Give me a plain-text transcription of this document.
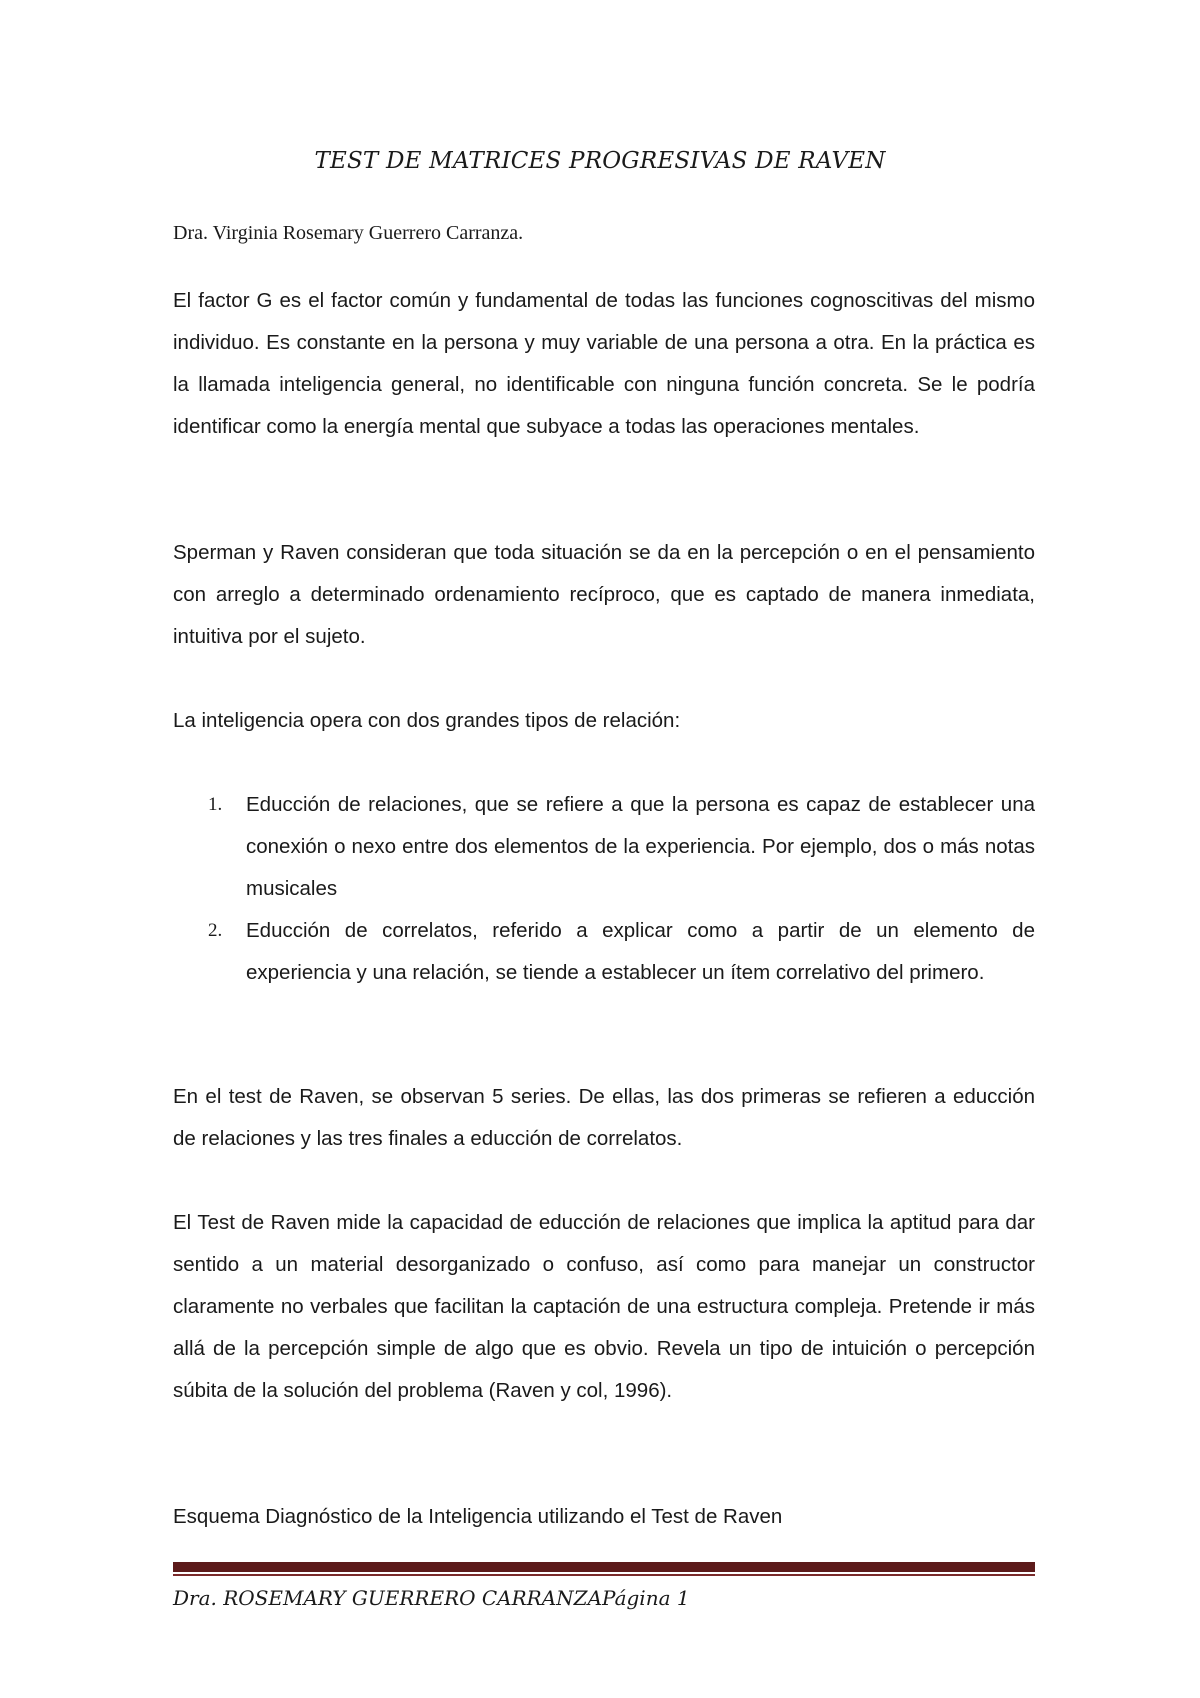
TEST DE MATRICES PROGRESIVAS DE RAVEN
Dra. Virginia Rosemary Guerrero Carranza.

El factor G es el factor común y fundamental de todas las funciones cognoscitivas del mismo individuo. Es constante en la persona y muy variable de una persona a otra. En la práctica es la llamada inteligencia general, no identificable con ninguna función concreta. Se le podría identificar como la energía mental que subyace a todas las operaciones mentales.

Sperman y Raven consideran que toda situación se da en la percepción o en el pensamiento con arreglo a determinado ordenamiento recíproco, que es captado de manera inmediata, intuitiva por el sujeto.

La inteligencia opera con dos grandes tipos de relación:

1. Educción de relaciones, que se refiere a que la persona es capaz de establecer una conexión o nexo entre dos elementos de la experiencia. Por ejemplo, dos o más notas musicales
2. Educción de correlatos, referido a explicar como a partir de un elemento de experiencia y una relación, se tiende a establecer un ítem correlativo del primero.

En el test de Raven, se observan 5 series. De ellas, las dos primeras se refieren a educción de relaciones y las tres finales a educción de correlatos.

El Test de Raven mide la capacidad de educción de relaciones que implica la aptitud para dar sentido a un material desorganizado o confuso, así como para manejar un constructor claramente no verbales que facilitan la captación de una estructura compleja. Pretende ir más allá de la percepción simple de algo que es obvio. Revela un tipo de intuición o percepción súbita de la solución del problema (Raven y col, 1996).

Esquema Diagnóstico de la Inteligencia utilizando el Test de Raven

Dra. ROSEMARY GUERRERO CARRANZAPágina 1
